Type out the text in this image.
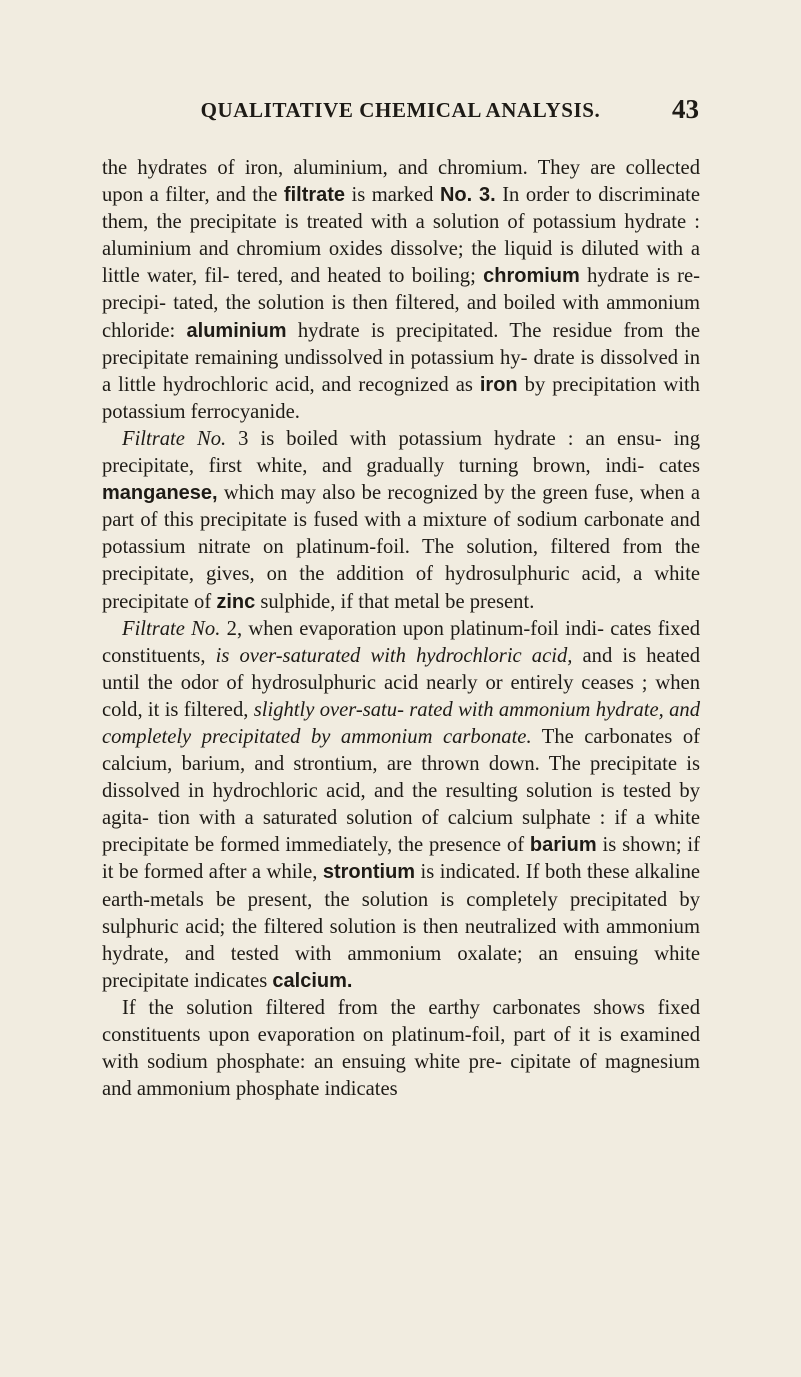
QUALITATIVE CHEMICAL ANALYSIS.	43

the hydrates of iron, aluminium, and chromium. They are collected upon a filter, and the filtrate is marked No. 3. In order to discriminate them, the precipitate is treated with a solution of potassium hydrate : aluminium and chromium oxides dissolve; the liquid is diluted with a little water, fil- tered, and heated to boiling; chromium hydrate is re-precipi- tated, the solution is then filtered, and boiled with ammonium chloride: aluminium hydrate is precipitated. The residue from the precipitate remaining undissolved in potassium hy- drate is dissolved in a little hydrochloric acid, and recognized as iron by precipitation with potassium ferrocyanide.

Filtrate No. 3 is boiled with potassium hydrate : an ensu- ing precipitate, first white, and gradually turning brown, indi- cates manganese, which may also be recognized by the green fuse, when a part of this precipitate is fused with a mixture of sodium carbonate and potassium nitrate on platinum-foil. The solution, filtered from the precipitate, gives, on the addition of hydrosulphuric acid, a white precipitate of zinc sulphide, if that metal be present.

Filtrate No. 2, when evaporation upon platinum-foil indi- cates fixed constituents, is over-saturated with hydrochloric acid, and is heated until the odor of hydrosulphuric acid nearly or entirely ceases ; when cold, it is filtered, slightly over-satu- rated with ammonium hydrate, and completely precipitated by ammonium carbonate. The carbonates of calcium, barium, and strontium, are thrown down. The precipitate is dissolved in hydrochloric acid, and the resulting solution is tested by agita- tion with a saturated solution of calcium sulphate : if a white precipitate be formed immediately, the presence of barium is shown; if it be formed after a while, strontium is indicated. If both these alkaline earth-metals be present, the solution is completely precipitated by sulphuric acid; the filtered solution is then neutralized with ammonium hydrate, and tested with ammonium oxalate; an ensuing white precipitate indicates calcium.

If the solution filtered from the earthy carbonates shows fixed constituents upon evaporation on platinum-foil, part of it is examined with sodium phosphate: an ensuing white pre- cipitate of magnesium and ammonium phosphate indicates
